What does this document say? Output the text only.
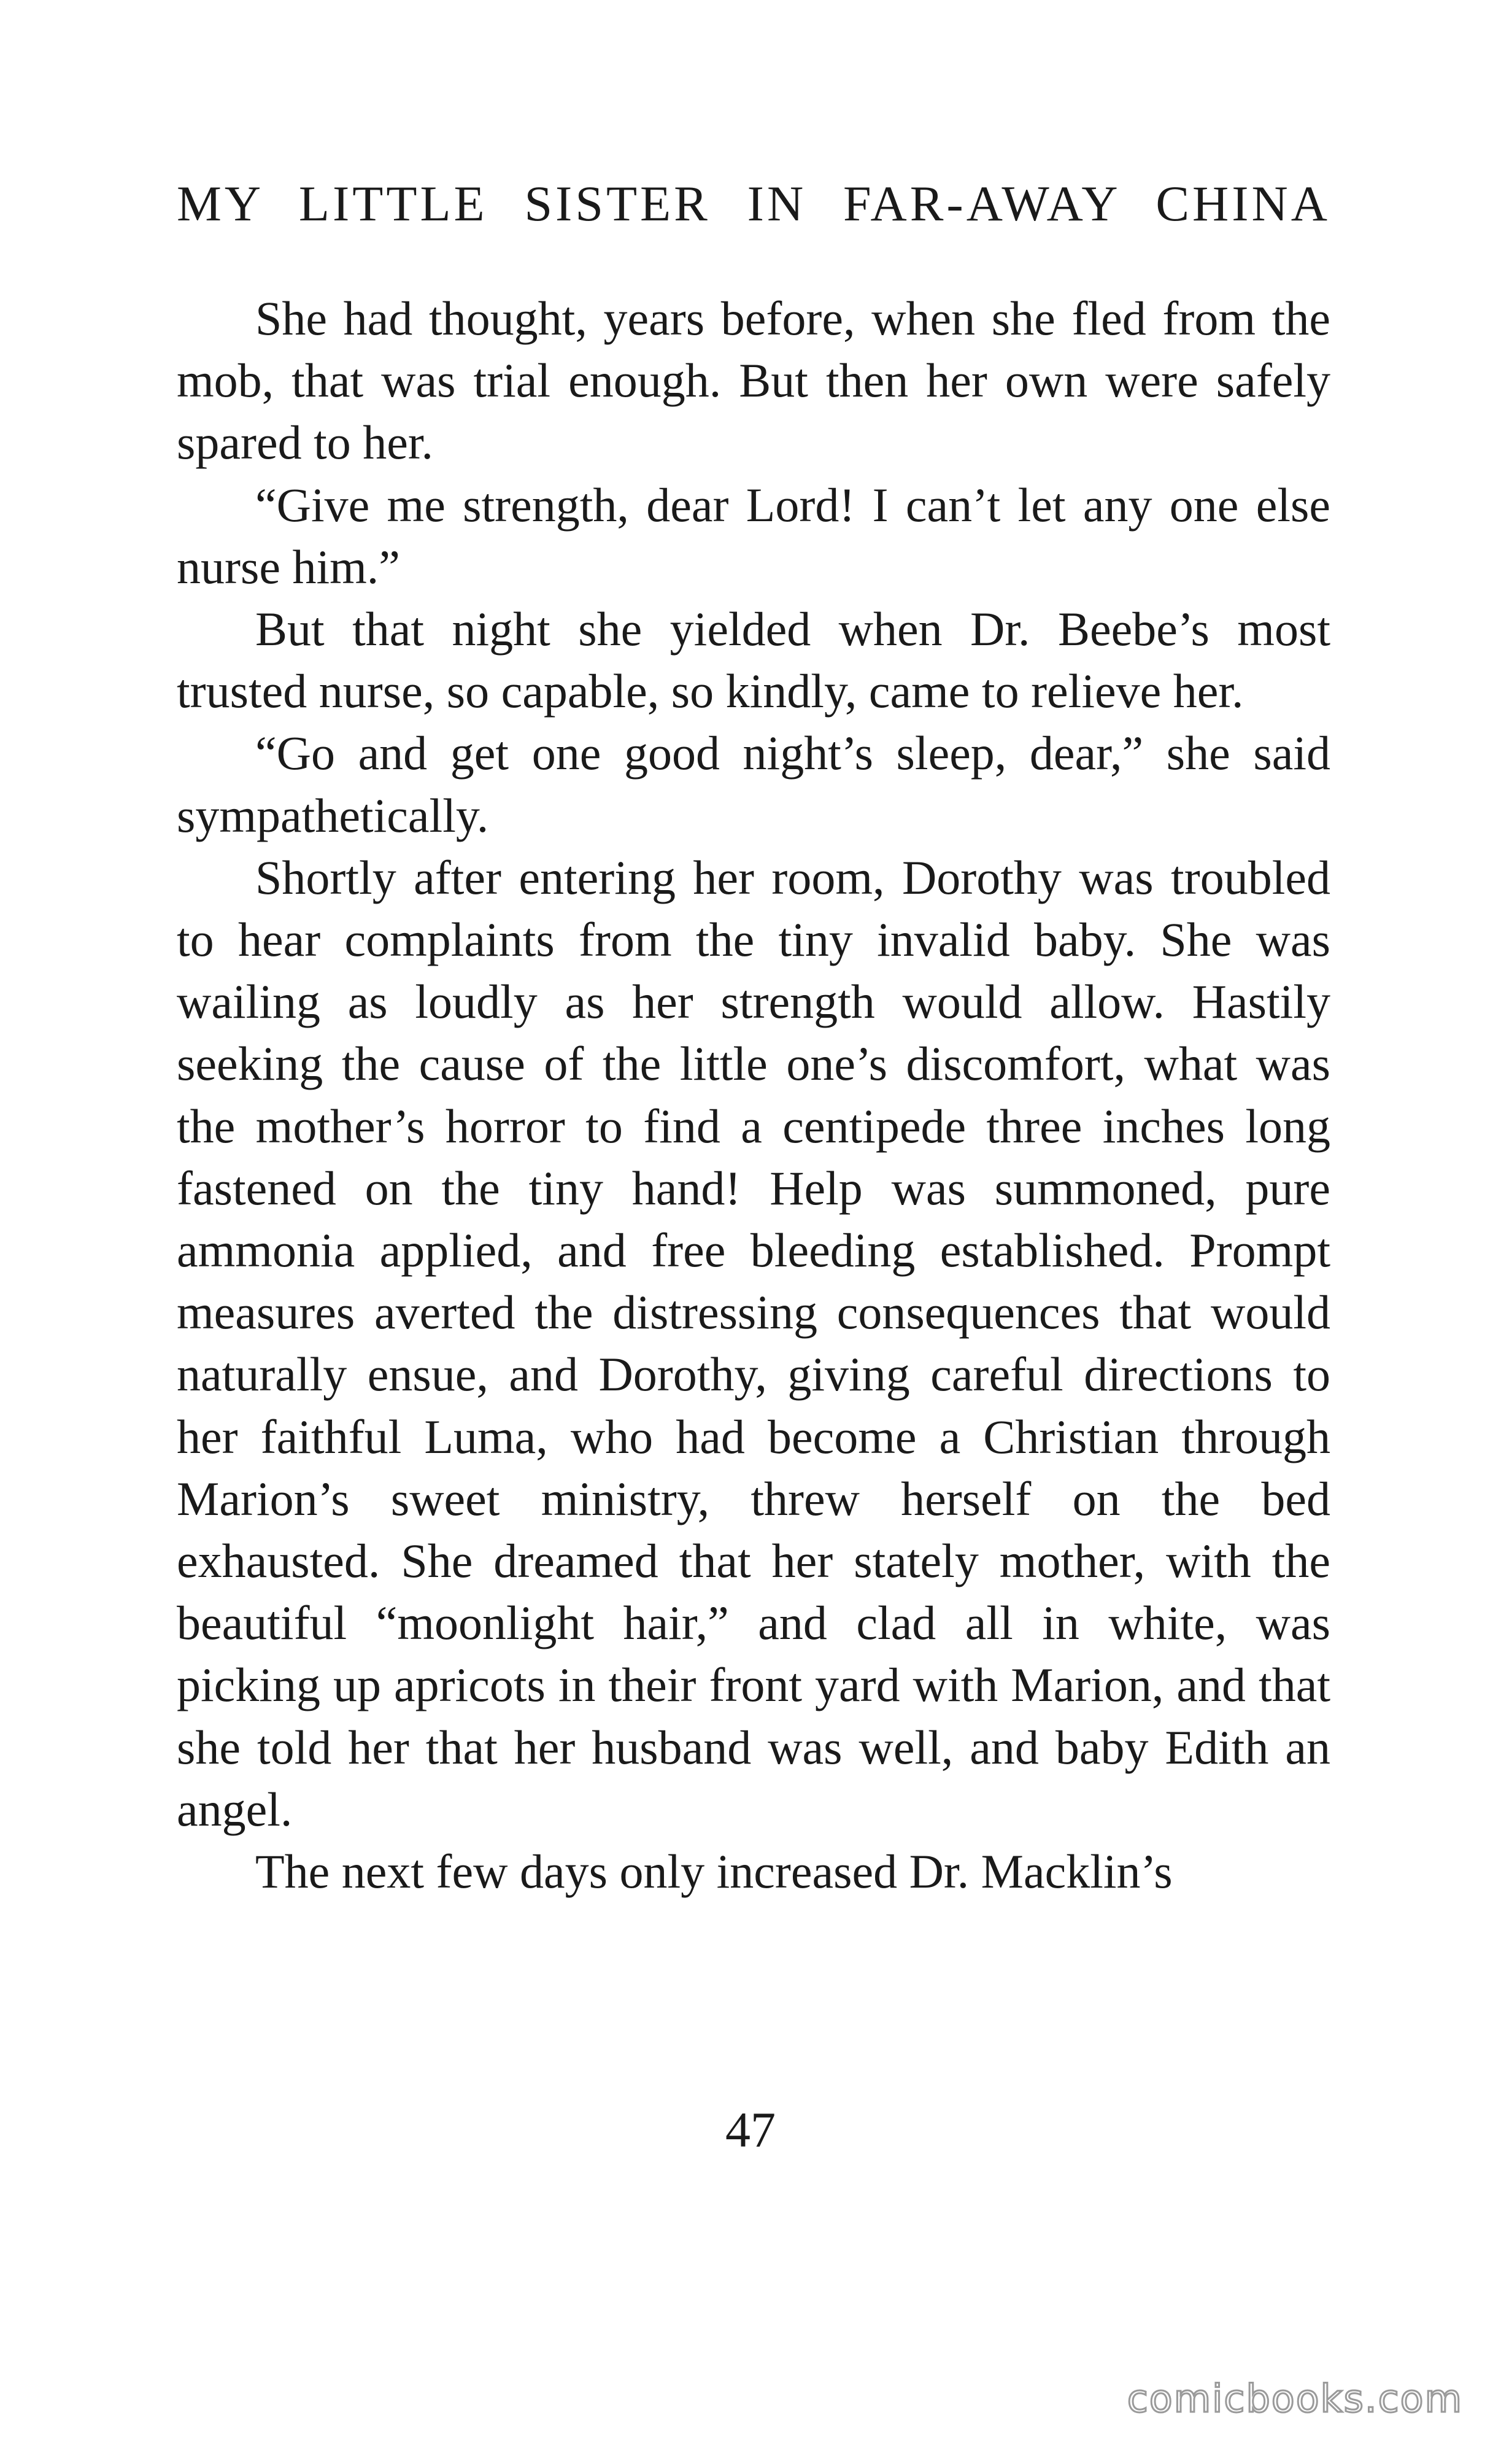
MY LITTLE SISTER IN FAR-AWAY CHINA

She had thought, years before, when she fled from the mob, that was trial enough. But then her own were safely spared to her.

“Give me strength, dear Lord! I can’t let any one else nurse him.”

But that night she yielded when Dr. Beebe’s most trusted nurse, so capable, so kindly, came to relieve her.

“Go and get one good night’s sleep, dear,” she said sympathetically.

Shortly after entering her room, Dorothy was troubled to hear complaints from the tiny invalid baby. She was wailing as loudly as her strength would allow. Hastily seeking the cause of the little one’s discomfort, what was the mother’s horror to find a centipede three inches long fastened on the tiny hand! Help was summoned, pure ammonia applied, and free bleeding established. Prompt measures averted the distressing consequences that would naturally ensue, and Dorothy, giving careful directions to her faithful Luma, who had become a Christian through Marion’s sweet ministry, threw herself on the bed exhausted. She dreamed that her stately mother, with the beautiful “moonlight hair,” and clad all in white, was picking up apricots in their front yard with Marion, and that she told her that her husband was well, and baby Edith an angel.

The next few days only increased Dr. Macklin’s

47
comicbooks.com
